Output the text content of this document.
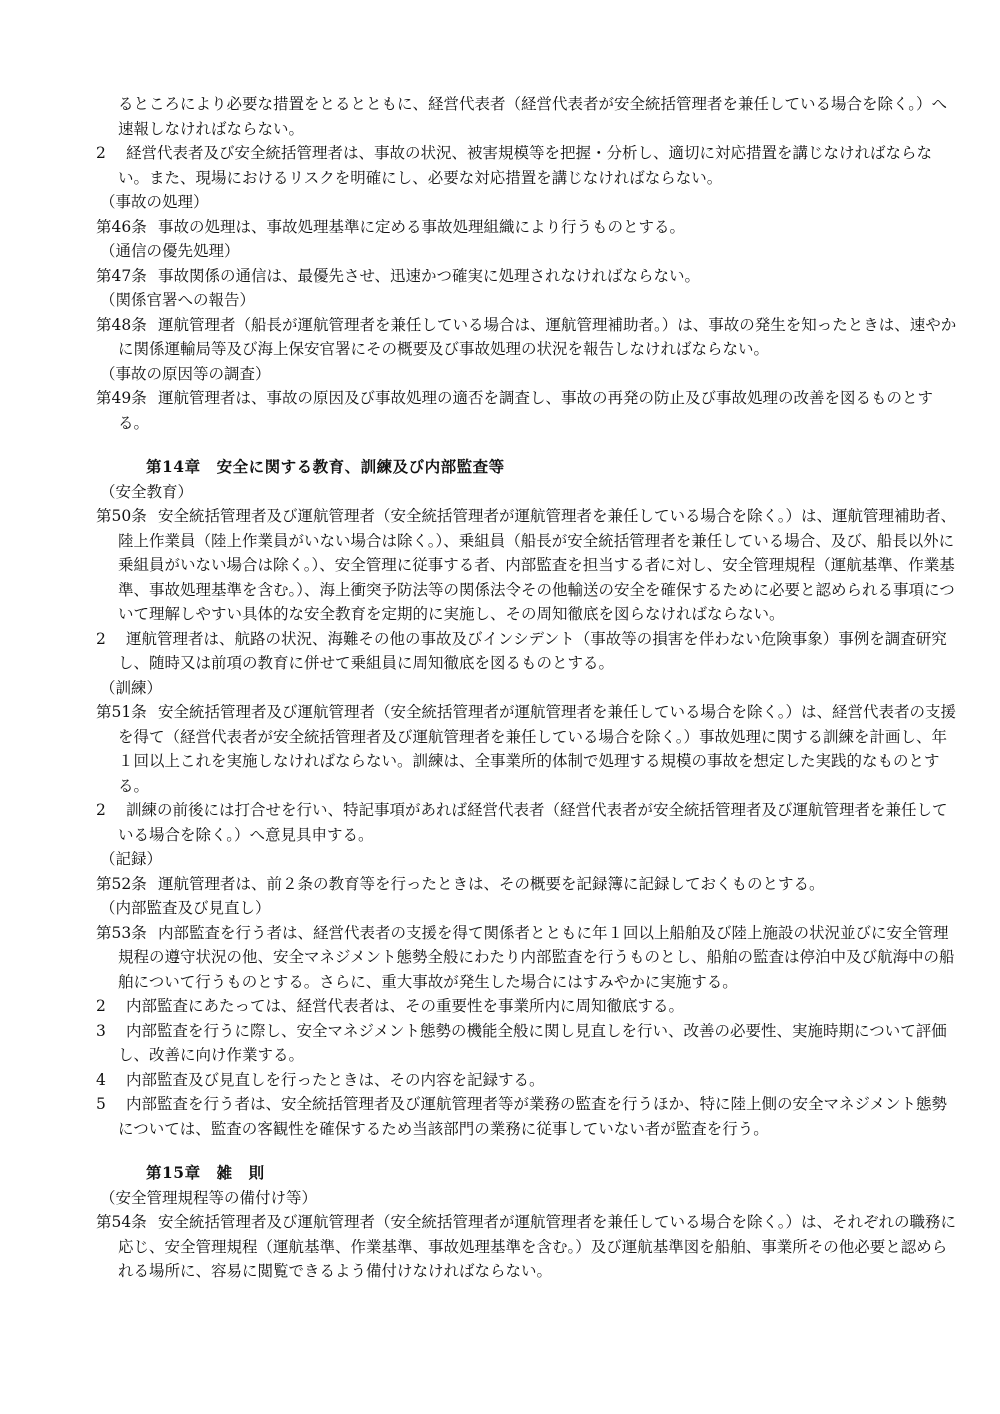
るところにより必要な措置をとるとともに、経営代表者（経営代表者が安全統括管理者を兼任している場合を除く。）へ速報しなければならない。

2 経営代表者及び安全統括管理者は、事故の状況、被害規模等を把握・分析し、適切に対応措置を講じなければならない。また、現場におけるリスクを明確にし、必要な対応措置を講じなければならない。

（事故の処理）

第46条 事故の処理は、事故処理基準に定める事故処理組織により行うものとする。

（通信の優先処理）

第47条 事故関係の通信は、最優先させ、迅速かつ確実に処理されなければならない。

（関係官署への報告）

第48条 運航管理者（船長が運航管理者を兼任している場合は、運航管理補助者。）は、事故の発生を知ったときは、速やかに関係運輸局等及び海上保安官署にその概要及び事故処理の状況を報告しなければならない。

（事故の原因等の調査）

第49条 運航管理者は、事故の原因及び事故処理の適否を調査し、事故の再発の防止及び事故処理の改善を図るものとする。

第14章　安全に関する教育、訓練及び内部監査等

（安全教育）

第50条 安全統括管理者及び運航管理者（安全統括管理者が運航管理者を兼任している場合を除く。）は、運航管理補助者、陸上作業員（陸上作業員がいない場合は除く。）、乗組員（船長が安全統括管理者を兼任している場合、及び、船長以外に乗組員がいない場合は除く。）、安全管理に従事する者、内部監査を担当する者に対し、安全管理規程（運航基準、作業基準、事故処理基準を含む。）、海上衝突予防法等の関係法令その他輸送の安全を確保するために必要と認められる事項について理解しやすい具体的な安全教育を定期的に実施し、その周知徹底を図らなければならない。

2 運航管理者は、航路の状況、海難その他の事故及びインシデント（事故等の損害を伴わない危険事象）事例を調査研究し、随時又は前項の教育に併せて乗組員に周知徹底を図るものとする。

（訓練）

第51条 安全統括管理者及び運航管理者（安全統括管理者が運航管理者を兼任している場合を除く。）は、経営代表者の支援を得て（経営代表者が安全統括管理者及び運航管理者を兼任している場合を除く。）事故処理に関する訓練を計画し、年１回以上これを実施しなければならない。訓練は、全事業所的体制で処理する規模の事故を想定した実践的なものとする。

2 訓練の前後には打合せを行い、特記事項があれば経営代表者（経営代表者が安全統括管理者及び運航管理者を兼任している場合を除く。）へ意見具申する。

（記録）

第52条 運航管理者は、前２条の教育等を行ったときは、その概要を記録簿に記録しておくものとする。

（内部監査及び見直し）

第53条 内部監査を行う者は、経営代表者の支援を得て関係者とともに年１回以上船舶及び陸上施設の状況並びに安全管理規程の遵守状況の他、安全マネジメント態勢全般にわたり内部監査を行うものとし、船舶の監査は停泊中及び航海中の船舶について行うものとする。さらに、重大事故が発生した場合にはすみやかに実施する。

2 内部監査にあたっては、経営代表者は、その重要性を事業所内に周知徹底する。

3 内部監査を行うに際し、安全マネジメント態勢の機能全般に関し見直しを行い、改善の必要性、実施時期について評価し、改善に向け作業する。

4 内部監査及び見直しを行ったときは、その内容を記録する。

5 内部監査を行う者は、安全統括管理者及び運航管理者等が業務の監査を行うほか、特に陸上側の安全マネジメント態勢については、監査の客観性を確保するため当該部門の業務に従事していない者が監査を行う。

第15章　雑　則

（安全管理規程等の備付け等）

第54条 安全統括管理者及び運航管理者（安全統括管理者が運航管理者を兼任している場合を除く。）は、それぞれの職務に応じ、安全管理規程（運航基準、作業基準、事故処理基準を含む。）及び運航基準図を船舶、事業所その他必要と認められる場所に、容易に閲覧できるよう備付けなければならない。
